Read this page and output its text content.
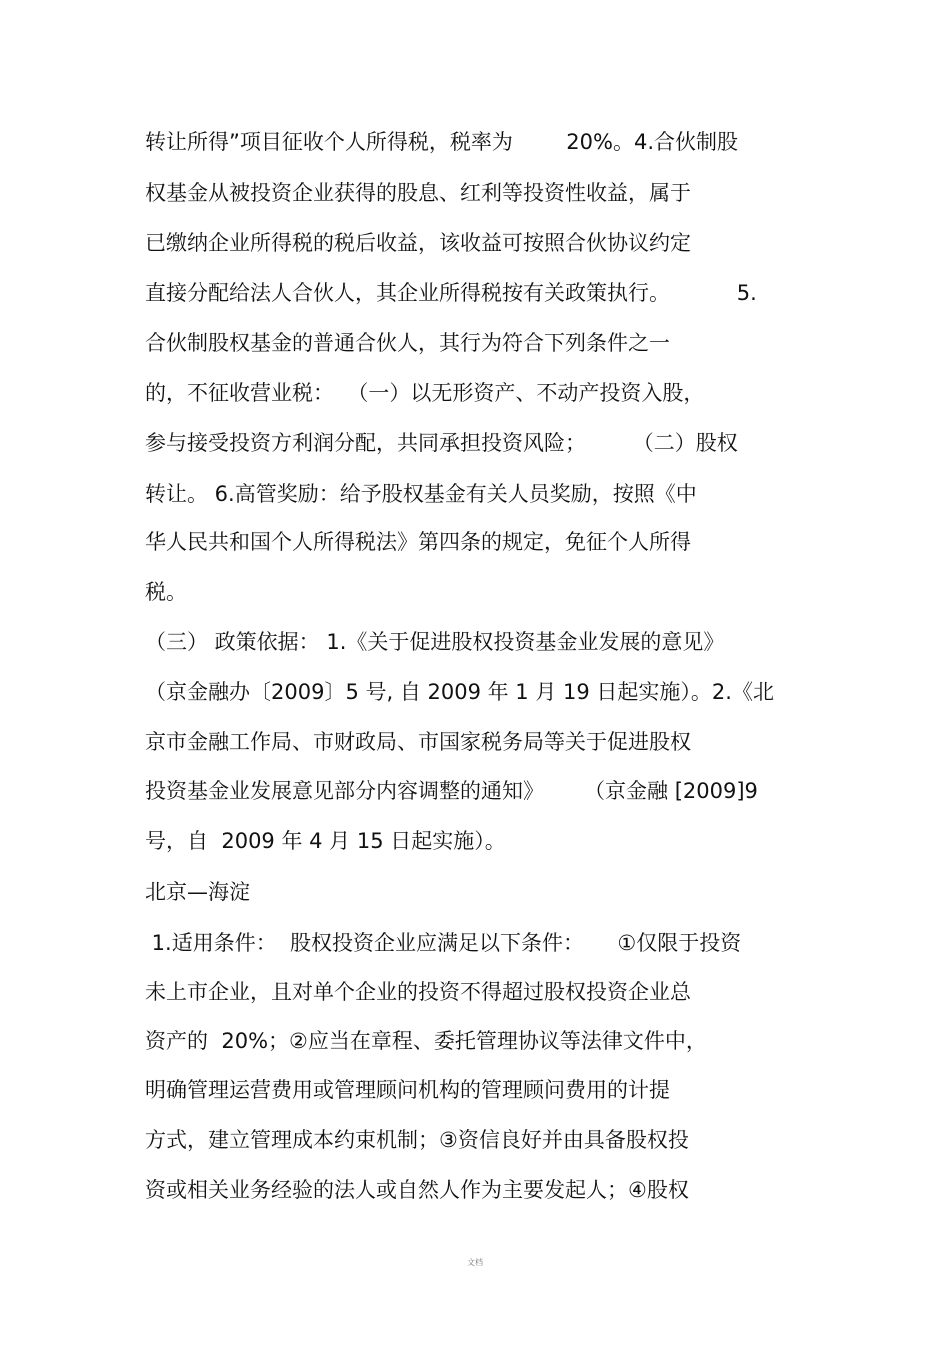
转让所得”项目征收个人所得税，税率为        20%。4.合伙制股

权基金从被投资企业获得的股息、红利等投资性收益，属于

已缴纳企业所得税的税后收益，该收益可按照合伙协议约定

直接分配给法人合伙人，其企业所得税按有关政策执行。          5.

合伙制股权基金的普通合伙人，其行为符合下列条件之一

的，不征收营业税：  （一）以无形资产、不动产投资入股，

参与接受投资方利润分配，共同承担投资风险；       （二）股权

转让。 6.高管奖励：给予股权基金有关人员奖励，按照《中

华人民共和国个人所得税法》第四条的规定，免征个人所得

税。

（三） 政策依据： 1.《关于促进股权投资基金业发展的意见》

（京金融办〔2009〕5 号, 自 2009 年 1 月 19 日起实施）。2.《北

京市金融工作局、市财政局、市国家税务局等关于促进股权

投资基金业发展意见部分内容调整的通知》      （京金融 [2009]9

号，自  2009 年 4 月 15 日起实施）。

北京—海淀

1.适用条件：  股权投资企业应满足以下条件：     ①仅限于投资

未上市企业，且对单个企业的投资不得超过股权投资企业总

资产的  20%；②应当在章程、委托管理协议等法律文件中，

明确管理运营费用或管理顾问机构的管理顾问费用的计提

方式，建立管理成本约束机制；③资信良好并由具备股权投

资或相关业务经验的法人或自然人作为主要发起人；④股权

文档
